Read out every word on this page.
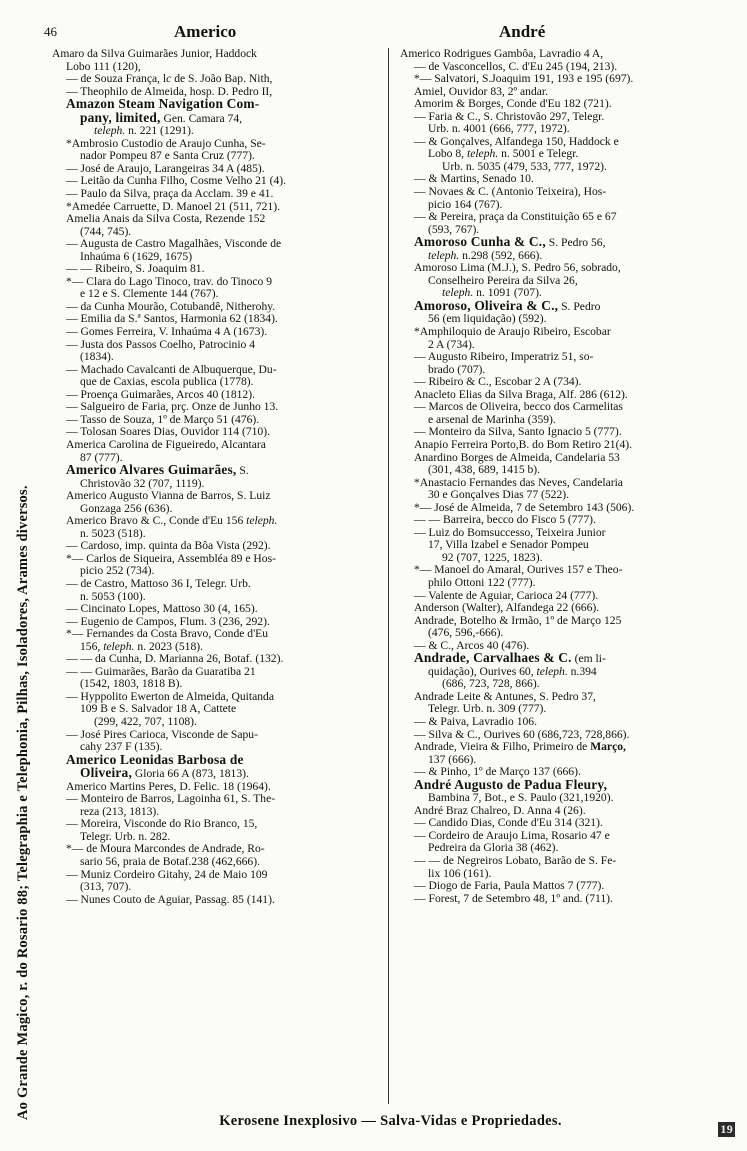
Ao Grande Magico, r. do Rosario 88; Telegraphia e Telephonia, Pilhas, Isoladores, Arames diversos.
46	Americo	André
Amaro da Silva Guimarães Junior, Haddock
Lobo 111 (120),
— de Souza França, lc de S. João Bap. Nith,
— Theophilo de Almeida, hosp. D. Pedro II,
Amazon Steam Navigation Com-
pany, limited, Gen. Camara 74,
teleph. n. 221 (1291).
*Ambrosio Custodio de Araujo Cunha, Se-
nador Pompeu 87 e Santa Cruz (777).
— José de Araujo, Larangeiras 34 A (485).
— Leitão da Cunha Filho, Cosme Velho 21 (4).
— Paulo da Silva, praça da Acclam. 39 e 41.
*Amedée Carruette, D. Manoel 21 (511, 721).
Amelia Anais da Silva Costa, Rezende 152
(744, 745).
— Augusta de Castro Magalhães, Visconde de
Inhaúma 6 (1629, 1675)
— — Ribeiro, S. Joaquim 81.
*— Clara do Lago Tinoco, trav. do Tinoco 9
e 12 e S. Clemente 144 (767).
— da Cunha Mourão, Cotubandê, Nitherohy.
— Emilia da S.ª Santos, Harmonia 62 (1834).
— Gomes Ferreira, V. Inhaúma 4 A (1673).
— Justa dos Passos Coelho, Patrocinio 4
(1834).
— Machado Cavalcanti de Albuquerque, Du-
que de Caxias, escola publica (1778).
— Proença Guimarães, Arcos 40 (1812).
— Salgueiro de Faria, prç. Onze de Junho 13.
— Tasso de Souza, 1º de Março 51 (476).
— Tolosan Soares Dias, Ouvidor 114 (710).
America Carolina de Figueiredo, Alcantara
87 (777).
Americo Alvares Guimarães, S.
Christovão 32 (707, 1119).
Americo Augusto Vianna de Barros, S. Luiz
Gonzaga 256 (636).
Americo Bravo & C., Conde d'Eu 156 teleph.
n. 5023 (518).
— Cardoso, imp. quinta da Bôa Vista (292).
*— Carlos de Siqueira, Assembléa 89 e Hos-
picio 252 (734).
— de Castro, Mattoso 36 I, Telegr. Urb.
n. 5053 (100).
— Cincinato Lopes, Mattoso 30 (4, 165).
— Eugenio de Campos, Flum. 3 (236, 292).
*— Fernandes da Costa Bravo, Conde d'Eu
156, teleph. n. 2023 (518).
— — da Cunha, D. Marianna 26, Botaf. (132).
— — Guimarães, Barão da Guaratiba 21
(1542, 1803, 1818 B).
— Hyppolito Ewerton de Almeida, Quitanda
109 B e S. Salvador 18 A, Cattete
(299, 422, 707, 1108).
— José Pires Carioca, Visconde de Sapu-
cahy 237 F (135).
Americo Leonidas Barbosa de
Oliveira, Gloria 66 A (873, 1813).
Americo Martins Peres, D. Felic. 18 (1964).
— Monteiro de Barros, Lagoinha 61, S. The-
reza (213, 1813).
— Moreira, Visconde do Rio Branco, 15,
Telegr. Urb. n. 282.
*— de Moura Marcondes de Andrade, Ro-
sario 56, praia de Botaf.238 (462,666).
— Muniz Cordeiro Gitahy, 24 de Maio 109
(313, 707).
— Nunes Couto de Aguiar, Passag. 85 (141).
Americo Rodrigues Gambôa, Lavradio 4 A,
— de Vasconcellos, C. d'Eu 245 (194, 213).
*— Salvatori, S.Joaquim 191, 193 e 195 (697).
Amiel, Ouvidor 83, 2º andar.
Amorim & Borges, Conde d'Eu 182 (721).
— Faria & C., S. Christovão 297, Telegr.
Urb. n. 4001 (666, 777, 1972).
— & Gonçalves, Alfandega 150, Haddock e
Lobo 8, teleph. n. 5001 e Telegr.
Urb. n. 5035 (479, 533, 777, 1972).
— & Martins, Senado 10.
— Novaes & C. (Antonio Teixeira), Hos-
picio 164 (767).
— & Pereira, praça da Constituição 65 e 67
(593, 767).
Amoroso Cunha & C., S. Pedro 56,
teleph. n.298 (592, 666).
Amoroso Lima (M.J.), S. Pedro 56, sobrado,
Conselheiro Pereira da Silva 26,
teleph. n. 1091 (707).
Amoroso, Oliveira & C., S. Pedro
56 (em liquidação) (592).
*Amphiloquio de Araujo Ribeiro, Escobar
2 A (734).
— Augusto Ribeiro, Imperatriz 51, so-
brado (707).
— Ribeiro & C., Escobar 2 A (734).
Anacleto Elias da Silva Braga, Alf. 286 (612).
— Marcos de Oliveira, becco dos Carmelitas
e arsenal de Marinha (359).
— Monteiro da Silva, Santo Ignacio 5 (777).
Anapio Ferreira Porto,B. do Bom Retiro 21(4).
Anardino Borges de Almeida, Candelaria 53
(301, 438, 689, 1415 b).
*Anastacio Fernandes das Neves, Candelaria
30 e Gonçalves Dias 77 (522).
*— José de Almeida, 7 de Setembro 143 (506).
— — Barreira, becco do Fisco 5 (777).
— Luiz do Bomsuccesso, Teixeira Junior
17, Villa Izabel e Senador Pompeu
92 (707, 1225, 1823).
*— Manoel do Amaral, Ourives 157 e Theo-
philo Ottoni 122 (777).
— Valente de Aguiar, Carioca 24 (777).
Anderson (Walter), Alfandega 22 (666).
Andrade, Botelho & Irmão, 1º de Março 125
(476, 596,-666).
— & C., Arcos 40 (476).
Andrade, Carvalhaes & C. (em li-
quidação), Ourives 60, teleph. n.394
(686, 723, 728, 866).
Andrade Leite & Antunes, S. Pedro 37,
Telegr. Urb. n. 309 (777).
— & Paiva, Lavradio 106.
— Silva & C., Ourives 60 (686,723, 728,866).
Andrade, Vieira & Filho, Primeiro de Março,
137 (666).
— & Pinho, 1º de Março 137 (666).
André Augusto de Padua Fleury,
Bambina 7, Bot., e S. Paulo (321,1920).
André Braz Chalreo, D. Anna 4 (26).
— Candido Dias, Conde d'Eu 314 (321).
— Cordeiro de Araujo Lima, Rosario 47 e
Pedreira da Gloria 38 (462).
— — de Negreiros Lobato, Barão de S. Fe-
lix 106 (161).
— Diogo de Faria, Paula Mattos 7 (777).
— Forest, 7 de Setembro 48, 1º and. (711).
Kerosene Inexplosivo — Salva-Vidas e Propriedades.	19
